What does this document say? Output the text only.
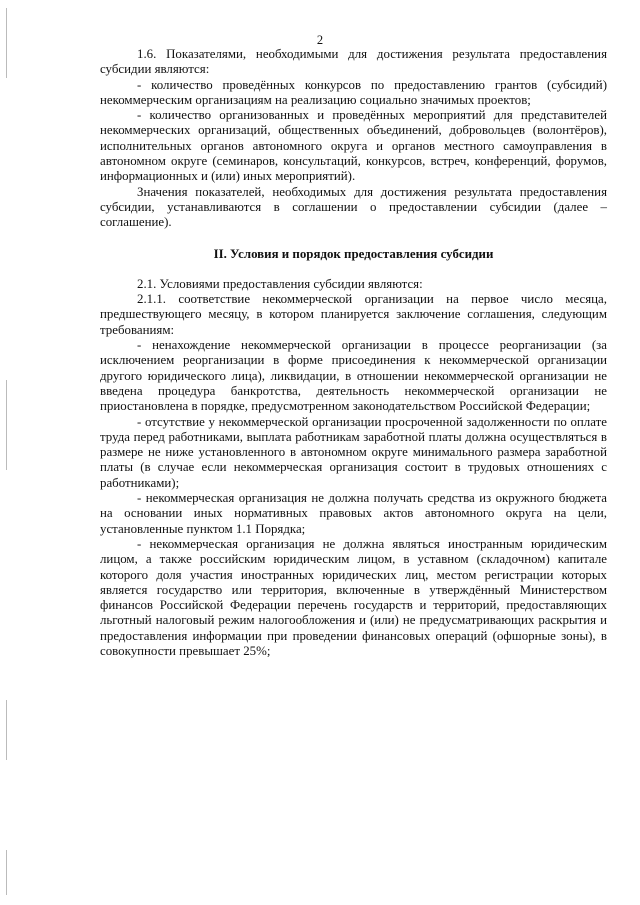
2

1.6. Показателями, необходимыми для достижения результата предоставления субсидии являются:

- количество проведённых конкурсов по предоставлению грантов (субсидий) некоммерческим организациям на реализацию социально значимых проектов;

- количество организованных и проведённых мероприятий для представителей некоммерческих организаций, общественных объединений, добровольцев (волонтёров), исполнительных органов автономного округа и органов местного самоуправления в автономном округе (семинаров, консультаций, конкурсов, встреч, конференций, форумов, информационных и (или) иных мероприятий).

Значения показателей, необходимых для достижения результата предоставления субсидии, устанавливаются в соглашении о предоставлении субсидии (далее – соглашение).

II. Условия и порядок предоставления субсидии

2.1. Условиями предоставления субсидии являются:

2.1.1. соответствие некоммерческой организации на первое число месяца, предшествующего месяцу, в котором планируется заключение соглашения, следующим требованиям:

- ненахождение некоммерческой организации в процессе реорганизации (за исключением реорганизации в форме присоединения к некоммерческой организации другого юридического лица), ликвидации, в отношении некоммерческой организации не введена процедура банкротства, деятельность некоммерческой организации не приостановлена в порядке, предусмотренном законодательством Российской Федерации;

- отсутствие у некоммерческой организации просроченной задолженности по оплате труда перед работниками, выплата работникам заработной платы должна осуществляться в размере не ниже установленного в автономном округе минимального размера заработной платы (в случае если некоммерческая организация состоит в трудовых отношениях с работниками);

- некоммерческая организация не должна получать средства из окружного бюджета на основании иных нормативных правовых актов автономного округа на цели, установленные пунктом 1.1 Порядка;

- некоммерческая организация не должна являться иностранным юридическим лицом, а также российским юридическим лицом, в уставном (складочном) капитале которого доля участия иностранных юридических лиц, местом регистрации которых является государство или территория, включенные в утверждённый Министерством финансов Российской Федерации перечень государств и территорий, предоставляющих льготный налоговый режим налогообложения и (или) не предусматривающих раскрытия и предоставления информации при проведении финансовых операций (офшорные зоны), в совокупности превышает 25%;
